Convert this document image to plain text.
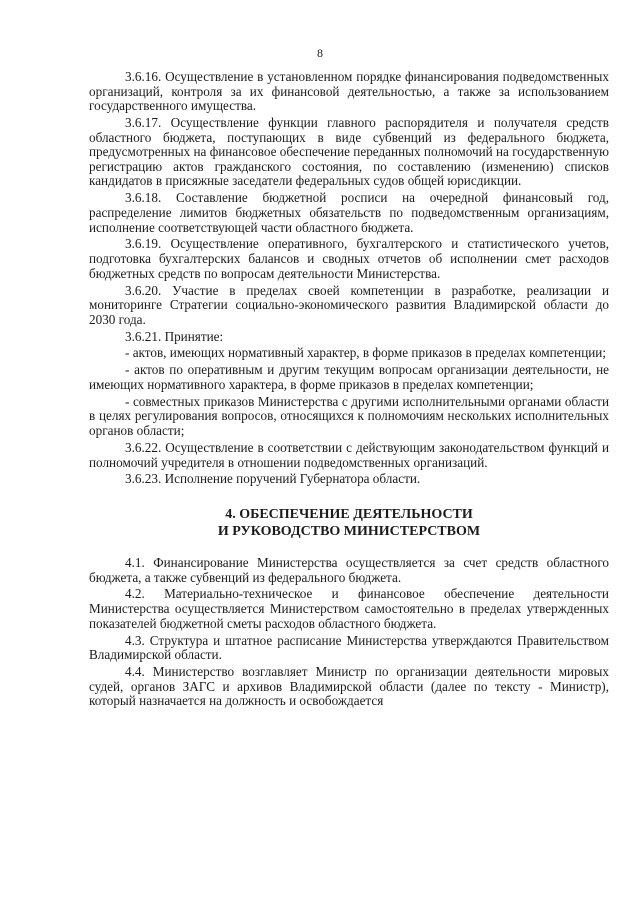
8

3.6.16. Осуществление в установленном порядке финансирования подведомственных организаций, контроля за их финансовой деятельностью, а также за использованием государственного имущества.

3.6.17. Осуществление функции главного распорядителя и получателя средств областного бюджета, поступающих в виде субвенций из федерального бюджета, предусмотренных на финансовое обеспечение переданных полномочий на государственную регистрацию актов гражданского состояния, по составлению (изменению) списков кандидатов в присяжные заседатели федеральных судов общей юрисдикции.

3.6.18. Составление бюджетной росписи на очередной финансовый год, распределение лимитов бюджетных обязательств по подведомственным организациям, исполнение соответствующей части областного бюджета.

3.6.19. Осуществление оперативного, бухгалтерского и статистического учетов, подготовка бухгалтерских балансов и сводных отчетов об исполнении смет расходов бюджетных средств по вопросам деятельности Министерства.

3.6.20. Участие в пределах своей компетенции в разработке, реализации и мониторинге Стратегии социально-экономического развития Владимирской области до 2030 года.

3.6.21. Принятие:

- актов, имеющих нормативный характер, в форме приказов в пределах компетенции;

- актов по оперативным и другим текущим вопросам организации деятельности, не имеющих нормативного характера, в форме приказов в пределах компетенции;

- совместных приказов Министерства с другими исполнительными органами области в целях регулирования вопросов, относящихся к полномочиям нескольких исполнительных органов области;

3.6.22. Осуществление в соответствии с действующим законодательством функций и полномочий учредителя в отношении подведомственных организаций.

3.6.23. Исполнение поручений Губернатора области.

4. ОБЕСПЕЧЕНИЕ ДЕЯТЕЛЬНОСТИ
И РУКОВОДСТВО МИНИСТЕРСТВОМ

4.1. Финансирование Министерства осуществляется за счет средств областного бюджета, а также субвенций из федерального бюджета.

4.2. Материально-техническое и финансовое обеспечение деятельности Министерства осуществляется Министерством самостоятельно в пределах утвержденных показателей бюджетной сметы расходов областного бюджета.

4.3. Структура и штатное расписание Министерства утверждаются Правительством Владимирской области.

4.4. Министерство возглавляет Министр по организации деятельности мировых судей, органов ЗАГС и архивов Владимирской области (далее по тексту - Министр), который назначается на должность и освобождается
